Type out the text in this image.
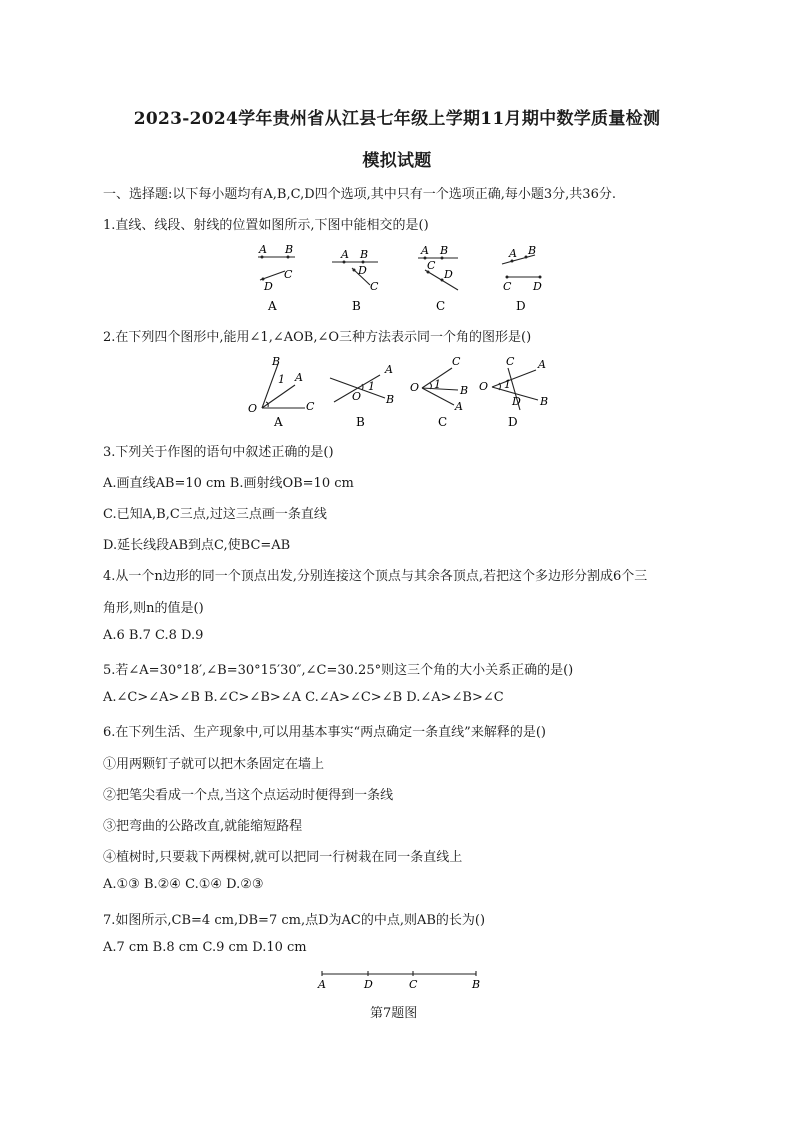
2023-2024学年贵州省从江县七年级上学期11月期中数学质量检测
模拟试题
一、选择题:以下每小题均有A,B,C,D四个选项,其中只有一个选项正确,每小题3分,共36分.
1.直线、线段、射线的位置如图所示,下图中能相交的是()
A B
C
D
A
A B
D
C
B
A B
C
D
C
A B
C D
D
2.在下列四个图形中,能用∠1,∠AOB,∠O三种方法表示同一个角的图形是()
B
A
1
O	C
A
A
1
O B
B
C
1
O	B
A
C
C A
1
O
B
D
D
3.下列关于作图的语句中叙述正确的是()
A.画直线AB=10 cm B.画射线OB=10 cm
C.已知A,B,C三点,过这三点画一条直线
D.延长线段AB到点C,使BC=AB
4.从一个n边形的同一个顶点出发,分别连接这个顶点与其余各顶点,若把这个多边形分割成6个三
角形,则n的值是()
A.6 B.7 C.8 D.9
5.若∠A=30°18′,∠B=30°15′30″,∠C=30.25°则这三个角的大小关系正确的是()
A.∠C>∠A>∠B B.∠C>∠B>∠A C.∠A>∠C>∠B D.∠A>∠B>∠C
6.在下列生活、生产现象中,可以用基本事实“两点确定一条直线”来解释的是()
①用两颗钉子就可以把木条固定在墙上
②把笔尖看成一个点,当这个点运动时便得到一条线
③把弯曲的公路改直,就能缩短路程
④植树时,只要栽下两棵树,就可以把同一行树栽在同一条直线上
A.①③ B.②④ C.①④ D.②③
7.如图所示,CB=4 cm,DB=7 cm,点D为AC的中点,则AB的长为()
A.7 cm B.8 cm C.9 cm D.10 cm
A	D	C	B
第7题图
